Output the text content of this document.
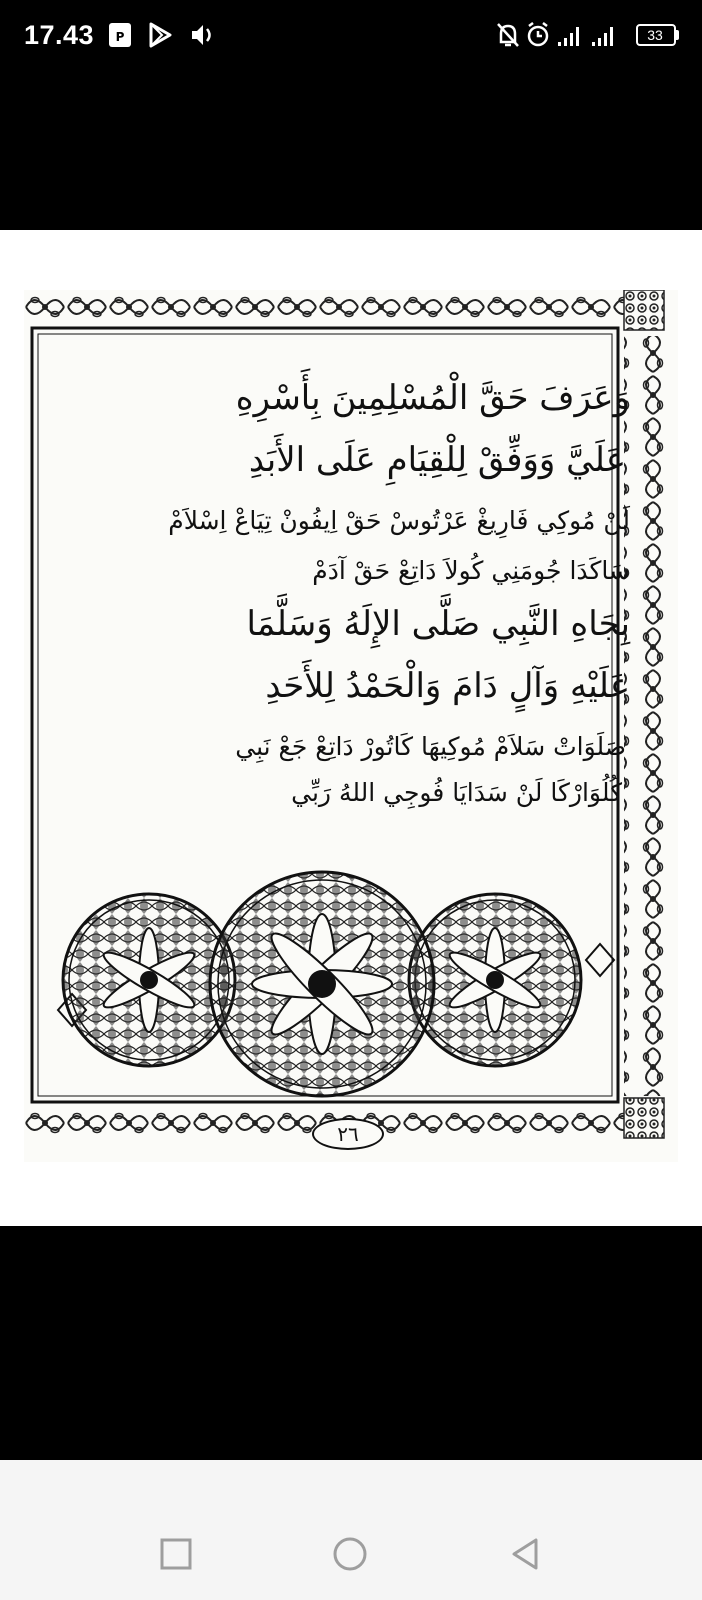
17.43 P	33
وَعَرَفَ حَقَّ الْمُسْلِمِينَ بِأَسْرِهِ
عَلَيَّ وَوَفِّقْ لِلْقِيَامِ عَلَى الأَبَدِ
لَنْ مُوكِي فَارِيغْ عَرْتُوسْ حَقْ اِيفُونْ تِيَاعْ اِسْلاَمْ
سَاكَدَا جُومَنِي كُولاَ دَاتِعْ حَقْ آدَمْ
بِجَاهِ النَّبِي صَلَّى الإِلَهُ وَسَلَّمَا
عَلَيْهِ وَآلٍ دَامَ وَالْحَمْدُ لِلأَحَدِ
صَلَوَاتْ سَلاَمْ مُوكِيهَا كَاتُورْ دَاتِعْ جَعْ نَبِي
كُلُوَارْكَا لَنْ سَدَايَا فُوجِي اللهُ رَبِّي
٢٦
